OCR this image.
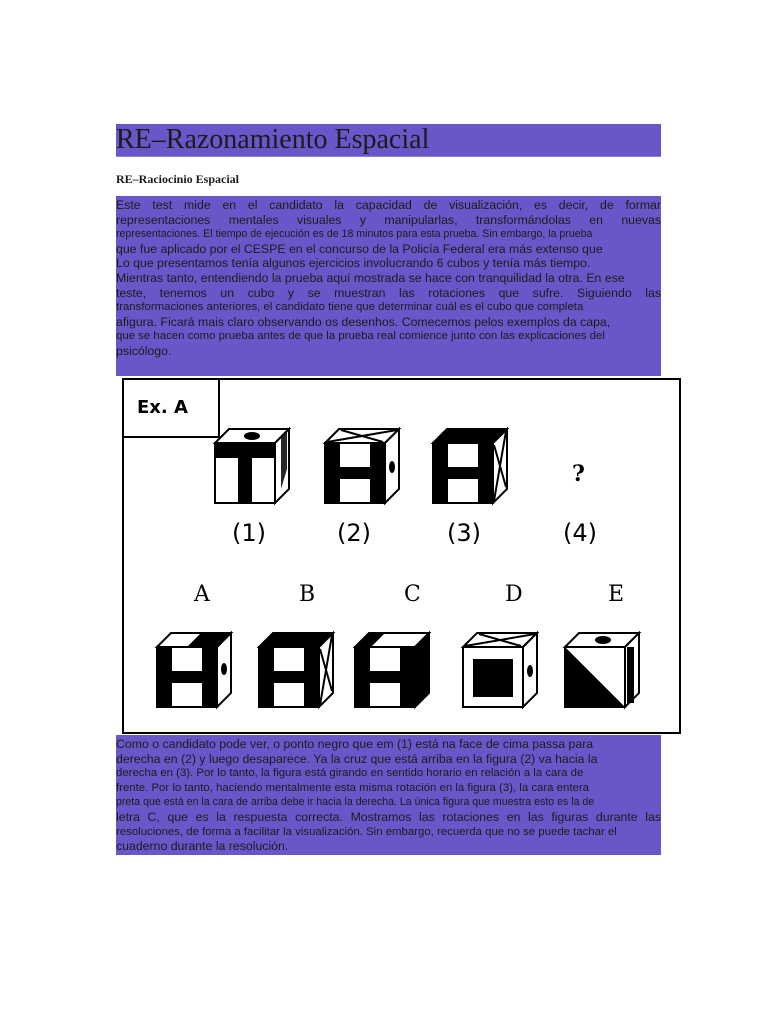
RE–Razonamiento Espacial
RE–Raciocinio Espacial
Este test mide en el candidato la capacidad de visualización, es decir, de formar
representaciones mentales visuales y manipularlas, transformándolas en nuevas
representaciones. El tiempo de ejecución es de 18 minutos para esta prueba. Sin embargo, la prueba
que fue aplicado por el CESPE en el concurso de la Policía Federal era más extenso que
Lo que presentamos tenía algunos ejercicios involucrando 6 cubos y tenía más tiempo.
Mientras tanto, entendiendo la prueba aquí mostrada se hace con tranquilidad la otra. En ese
teste, tenemos un cubo y se muestran las rotaciones que sufre. Siguiendo las
transformaciones anteriores, el candidato tiene que determinar cuál es el cubo que completa
afigura. Ficará mais claro observando os desenhos. Comecemos pelos exemplos da capa,
que se hacen como prueba antes de que la prueba real comience junto con las explicaciones del
psicólogo.
Ex. A
?
(1)	(2)	(3)	(4)
A	B	C	D	E
Como o candidato pode ver, o ponto negro que em (1) está na face de cima passa para
derecha en (2) y luego desaparece. Ya la cruz que está arriba en la figura (2) va hacia la
derecha en (3). Por lo tanto, la figura está girando en sentido horario en relación a la cara de
frente. Por lo tanto, haciendo mentalmente esta misma rotación en la figura (3), la cara entera
preta que está en la cara de arriba debe ir hacia la derecha. La única figura que muestra esto es la de
letra C, que es la respuesta correcta. Mostramos las rotaciones en las figuras durante las
resoluciones, de forma a facilitar la visualización. Sin embargo, recuerda que no se puede tachar el
cuaderno durante la resolución.
